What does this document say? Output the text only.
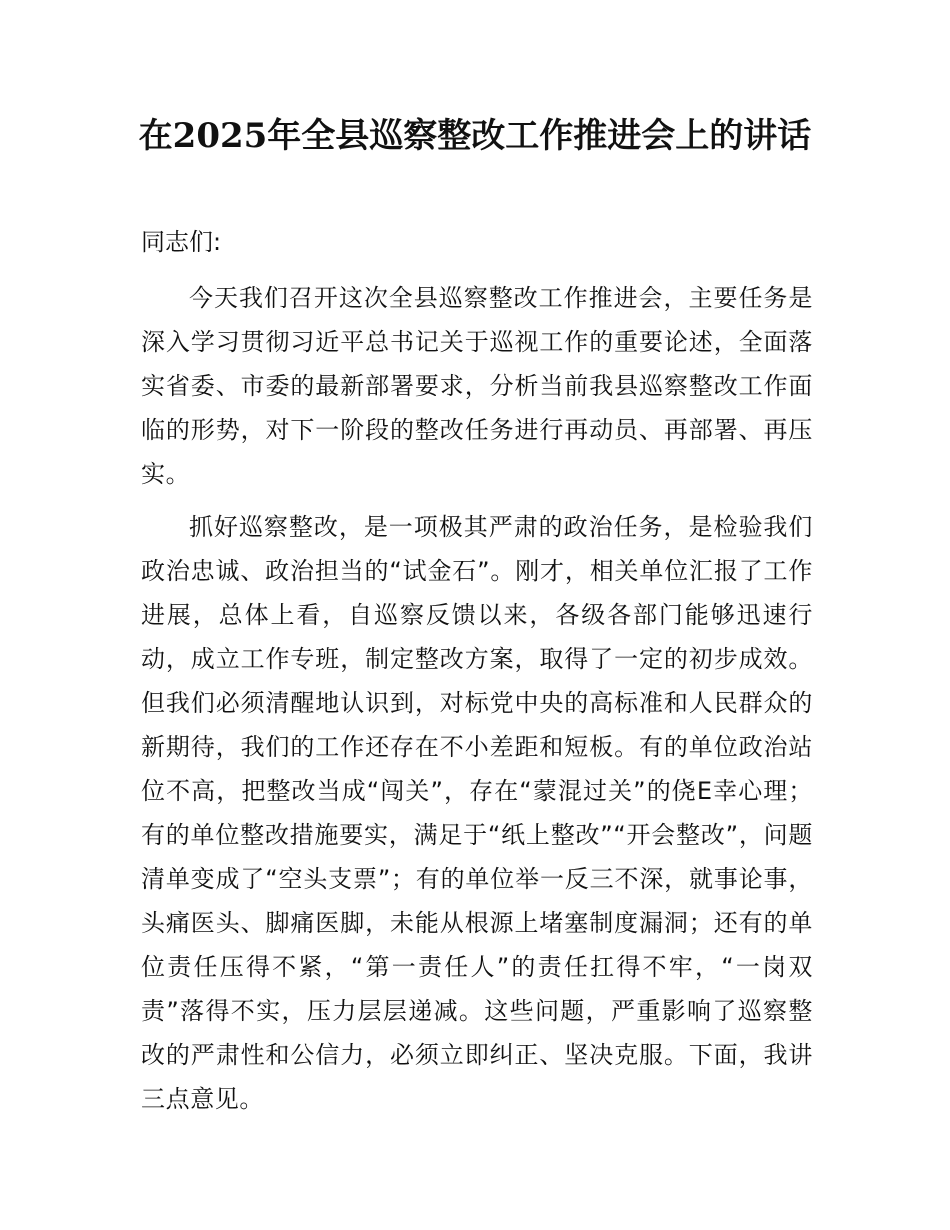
在2025年全县巡察整改工作推进会上的讲话

同志们:

今天我们召开这次全县巡察整改工作推进会，主要任务是深入学习贯彻习近平总书记关于巡视工作的重要论述，全面落实省委、市委的最新部署要求，分析当前我县巡察整改工作面临的形势，对下一阶段的整改任务进行再动员、再部署、再压实。

抓好巡察整改，是一项极其严肃的政治任务，是检验我们政治忠诚、政治担当的“试金石”。刚才，相关单位汇报了工作进展，总体上看，自巡察反馈以来，各级各部门能够迅速行动，成立工作专班，制定整改方案，取得了一定的初步成效。但我们必须清醒地认识到，对标党中央的高标准和人民群众的新期待，我们的工作还存在不小差距和短板。有的单位政治站位不高，把整改当成“闯关”，存在“蒙混过关”的侥E幸心理；有的单位整改措施要实，满足于“纸上整改”“开会整改”，问题清单变成了“空头支票”；有的单位举一反三不深，就事论事，头痛医头、脚痛医脚，未能从根源上堵塞制度漏洞；还有的单位责任压得不紧，“第一责任人”的责任扛得不牢，“一岗双责”落得不实，压力层层递减。这些问题，严重影响了巡察整改的严肃性和公信力，必须立即纠正、坚决克服。下面，我讲三点意见。
